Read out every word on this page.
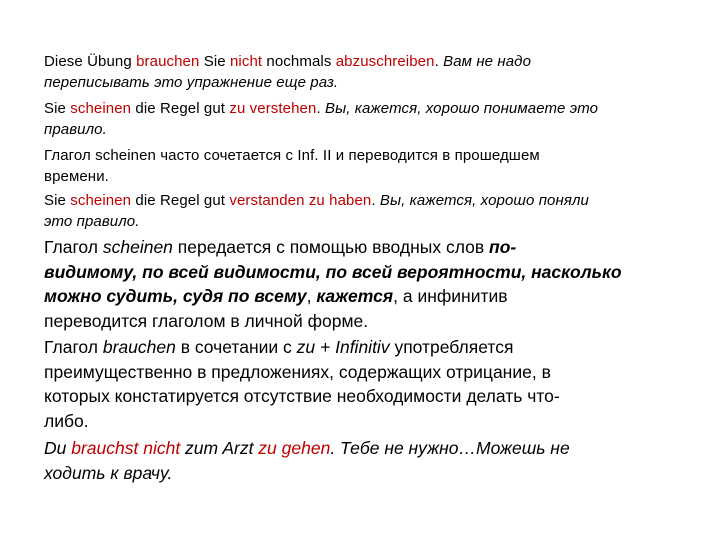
Diese Übung brauchen Sie nicht nochmals abzuschreiben. Вам не надо
переписывать это упражнение еще раз.
Sie scheinen die Regel gut zu verstehen. Вы, кажется, хорошо понимаете это
правило.
Глагол scheinen часто сочетается с Inf. II и переводится в прошедшем
времени.
Sie scheinen die Regel gut verstanden zu haben. Вы, кажется, хорошо поняли
это правило.
Глагол scheinen передается с помощью вводных слов по-
видимому, по всей видимости, по всей вероятности, насколько
можно судить, судя по всему, кажется, а инфинитив
переводится глаголом в личной форме.
Глагол brauchen в сочетании с zu + Infinitiv употребляется
преимущественно в предложениях, содержащих отрицание, в
которых констатируется отсутствие необходимости делать что-
либо.
Du brauchst nicht zum Arzt zu gehen. Тебе не нужно…Можешь не
ходить к врачу.
